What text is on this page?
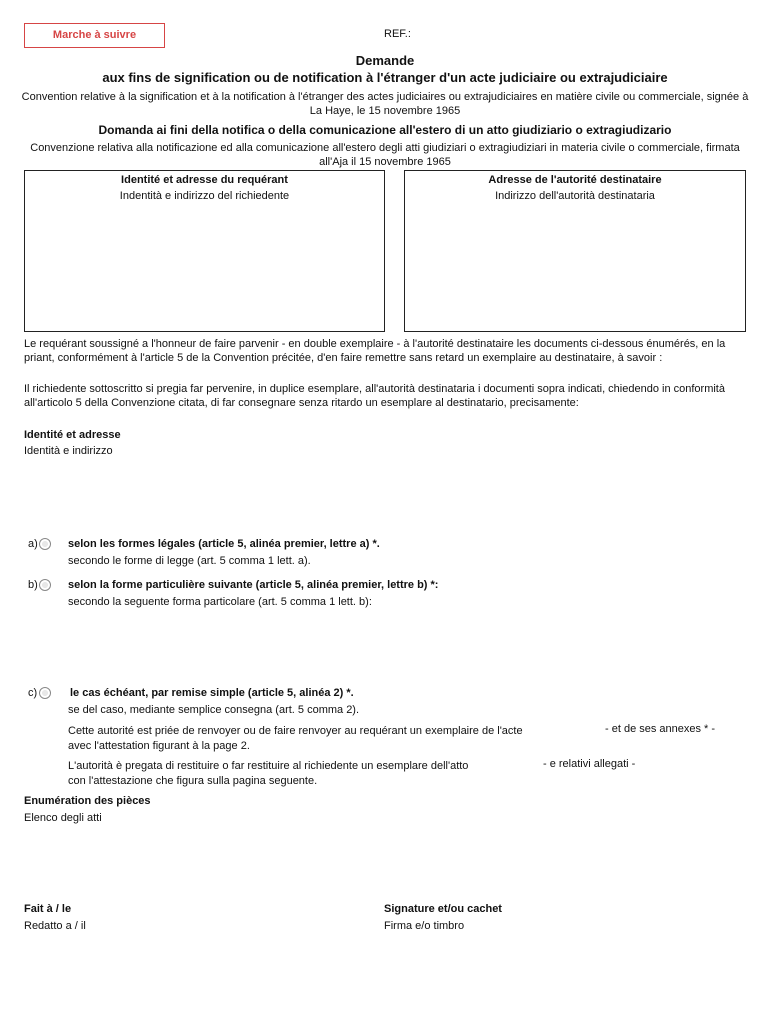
Marche à suivre	REF.:
Demande
aux fins de signification ou de notification à l'étranger d'un acte judiciaire ou extrajudiciaire
Convention relative à la signification et à la notification à l'étranger des actes judiciaires ou extrajudiciaires en matière civile ou commerciale, signée à La Haye, le 15 novembre 1965
Domanda ai fini della notifica o della comunicazione all'estero di un atto giudiziario o extragiudizario
Convenzione relativa alla notificazione ed alla comunicazione all'estero degli atti giudiziari o extragiudiziari in materia civile o commerciale, firmata all'Aja il 15 novembre 1965
Identité et adresse du requérant
Indentità e indirizzo del richiedente
Adresse de l'autorité destinataire
Indirizzo dell'autorità destinataria
Le requérant soussigné a l'honneur de faire parvenir - en double exemplaire - à l'autorité destinataire les documents ci-dessous énumérés, en la priant, conformément à l'article 5 de la Convention précitée, d'en faire remettre sans retard un exemplaire au destinataire, à savoir :
Il richiedente sottoscritto si pregia far pervenire, in duplice esemplare, all'autorità destinataria i documenti sopra indicati, chiedendo in conformità all'articolo 5 della Convenzione citata, di far consegnare senza ritardo un esemplare al destinatario, precisamente:
Identité et adresse
Identità e indirizzo
a)	selon les formes légales (article 5, alinéa premier, lettre a) *.
secondo le forme di legge (art. 5 comma 1 lett. a).
b)	selon la forme particulière suivante (article 5, alinéa premier, lettre b) *:
secondo la seguente forma particolare (art. 5 comma 1 lett. b):
c)	le cas échéant, par remise simple (article 5, alinéa 2) *.
se del caso, mediante semplice consegna (art. 5 comma 2).
Cette autorité est priée de renvoyer ou de faire renvoyer au requérant un exemplaire de l'acte	- et de ses annexes * -
avec l'attestation figurant à la page 2.
L'autorità è pregata di restituire o far restituire al richiedente un esemplare dell'atto	- e relativi allegati -
con l'attestazione che figura sulla pagina seguente.
Enumération des pièces
Elenco degli atti
Fait à / le
Redatto a / il
Signature et/ou cachet
Firma e/o timbro
